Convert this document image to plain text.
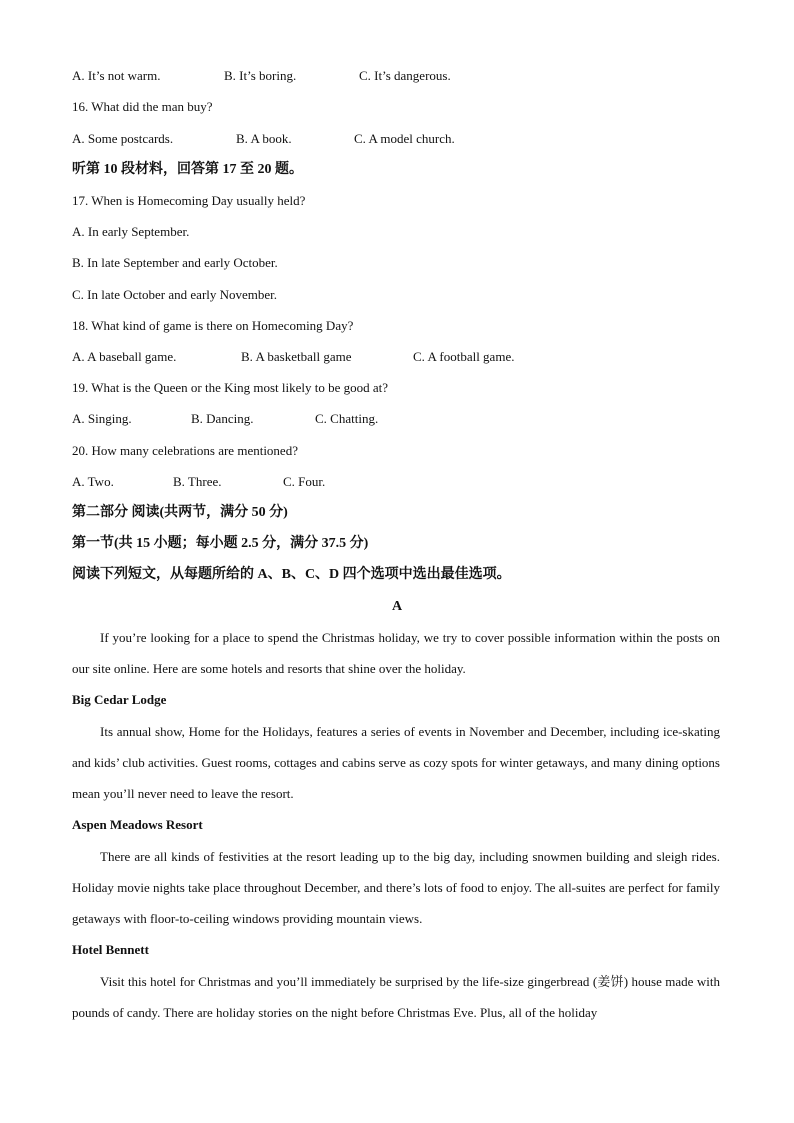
A. It’s not warm.	B. It’s boring.	C. It’s dangerous.
16. What did the man buy?
A. Some postcards.	B. A book.	C. A model church.
听第 10 段材料，回答第 17 至 20 题。
17. When is Homecoming Day usually held?
A. In early September.
B. In late September and early October.
C. In late October and early November.
18. What kind of game is there on Homecoming Day?
A. A baseball game.	B. A basketball game	C. A football game.
19. What is the Queen or the King most likely to be good at?
A. Singing.	B. Dancing.	C. Chatting.
20. How many celebrations are mentioned?
A. Two.	B. Three.	C. Four.
第二部分 阅读(共两节，满分 50 分)
第一节(共 15 小题；每小题 2.5 分，满分 37.5 分)
阅读下列短文，从每题所给的 A、B、C、D 四个选项中选出最佳选项。
A
If you’re looking for a place to spend the Christmas holiday, we try to cover possible information within the posts on our site online. Here are some hotels and resorts that shine over the holiday.
Big Cedar Lodge
Its annual show, Home for the Holidays, features a series of events in November and December, including ice-skating and kids’ club activities. Guest rooms, cottages and cabins serve as cozy spots for winter getaways, and many dining options mean you’ll never need to leave the resort.
Aspen Meadows Resort
There are all kinds of festivities at the resort leading up to the big day, including snowmen building and sleigh rides. Holiday movie nights take place throughout December, and there’s lots of food to enjoy. The all-suites are perfect for family getaways with floor-to-ceiling windows providing mountain views.
Hotel Bennett
Visit this hotel for Christmas and you’ll immediately be surprised by the life-size gingerbread (姜饼) house made with pounds of candy. There are holiday stories on the night before Christmas Eve. Plus, all of the holiday
